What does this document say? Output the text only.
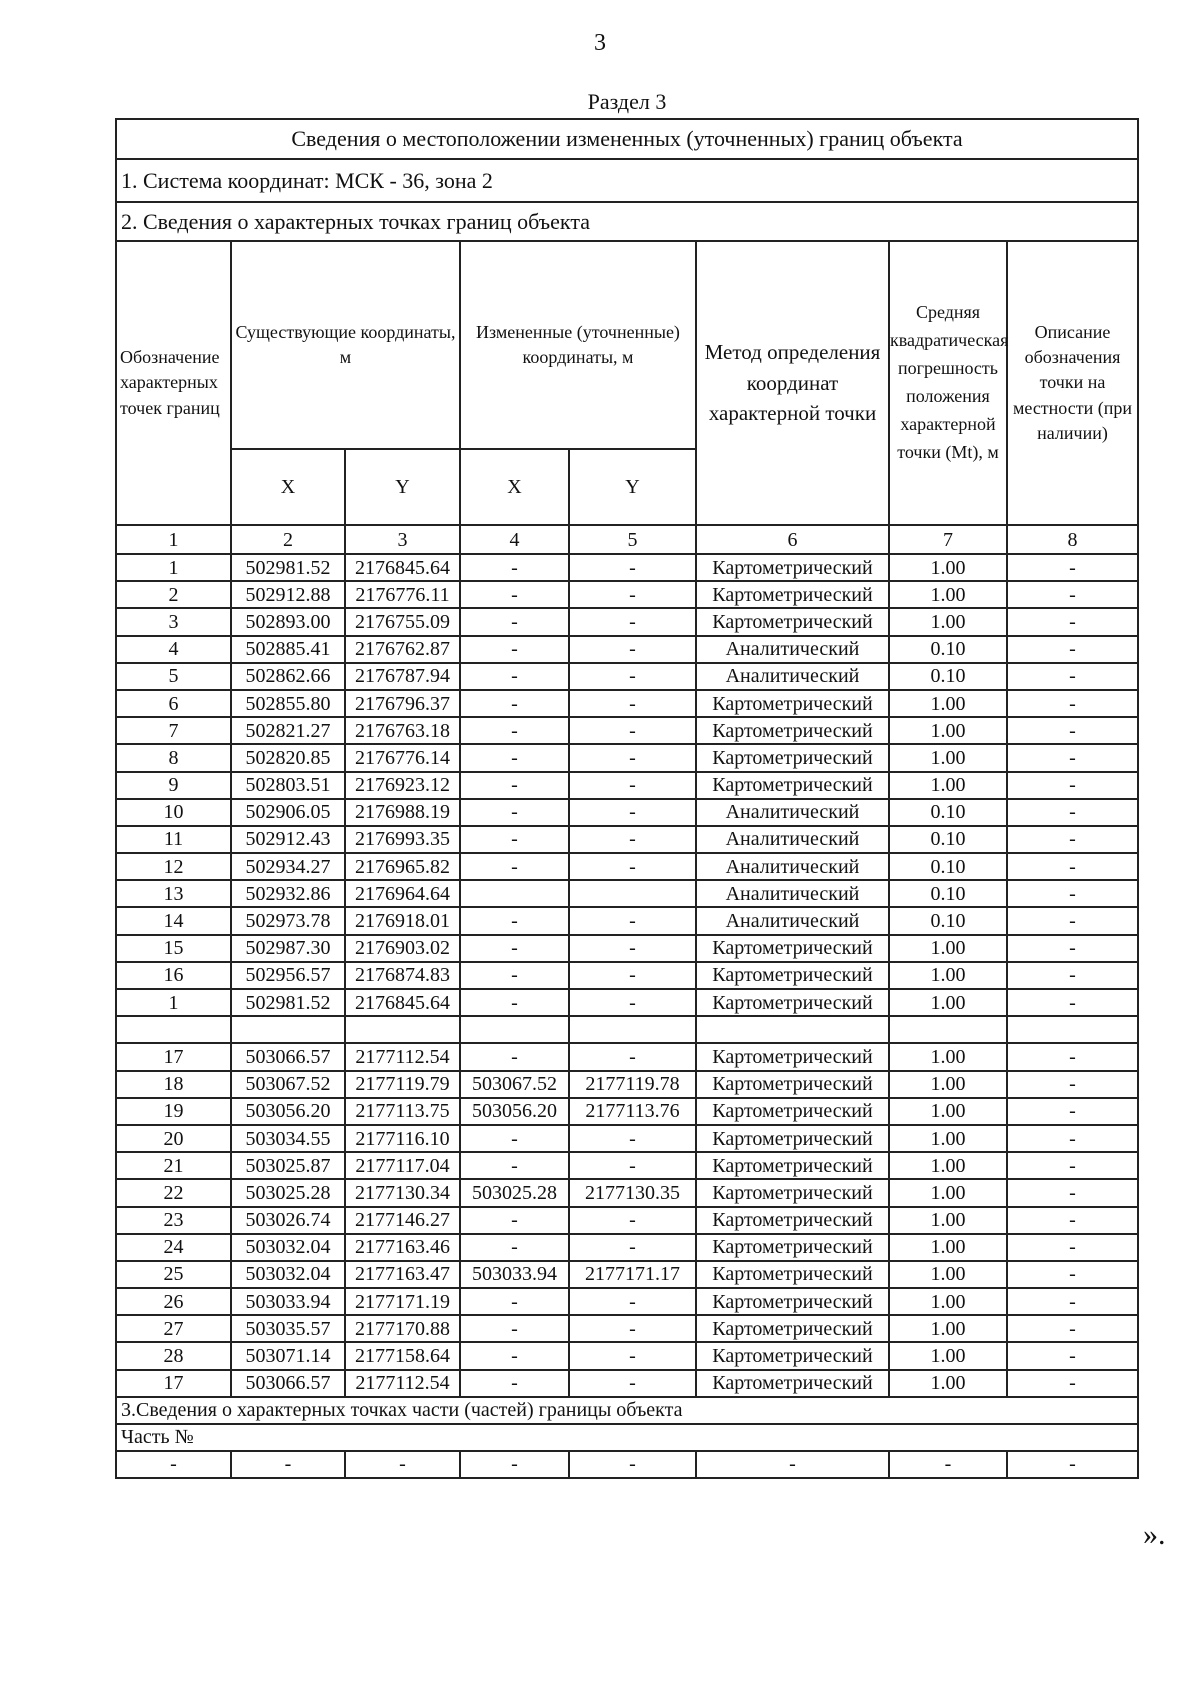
3
Раздел 3
Сведения о местоположении измененных (уточненных) границ объекта							
1. Система координат: МСК - 36, зона 2							
2. Сведения о характерных точках границ объекта							
Обозначение характерных точек границ	Существующие координаты, м		Измененные (уточненные) координаты, м		Метод определения координат характерной точки	Средняя квадратическая погрешность положения характерной точки (Mt), м	Описание обозначения точки на местности (при наличии)
	X	Y	X	Y			
1	2	3	4	5	6	7	8
1	502981.52	2176845.64	-	-	Картометрический	1.00	-
2	502912.88	2176776.11	-	-	Картометрический	1.00	-
3	502893.00	2176755.09	-	-	Картометрический	1.00	-
4	502885.41	2176762.87	-	-	Аналитический	0.10	-
5	502862.66	2176787.94	-	-	Аналитический	0.10	-
6	502855.80	2176796.37	-	-	Картометрический	1.00	-
7	502821.27	2176763.18	-	-	Картометрический	1.00	-
8	502820.85	2176776.14	-	-	Картометрический	1.00	-
9	502803.51	2176923.12	-	-	Картометрический	1.00	-
10	502906.05	2176988.19	-	-	Аналитический	0.10	-
11	502912.43	2176993.35	-	-	Аналитический	0.10	-
12	502934.27	2176965.82	-	-	Аналитический	0.10	-
13	502932.86	2176964.64			Аналитический	0.10	-
14	502973.78	2176918.01	-	-	Аналитический	0.10	-
15	502987.30	2176903.02	-	-	Картометрический	1.00	-
16	502956.57	2176874.83	-	-	Картометрический	1.00	-
1	502981.52	2176845.64	-	-	Картометрический	1.00	-

17	503066.57	2177112.54	-	-	Картометрический	1.00	-
18	503067.52	2177119.79	503067.52	2177119.78	Картометрический	1.00	-
19	503056.20	2177113.75	503056.20	2177113.76	Картометрический	1.00	-
20	503034.55	2177116.10	-	-	Картометрический	1.00	-
21	503025.87	2177117.04	-	-	Картометрический	1.00	-
22	503025.28	2177130.34	503025.28	2177130.35	Картометрический	1.00	-
23	503026.74	2177146.27	-	-	Картометрический	1.00	-
24	503032.04	2177163.46	-	-	Картометрический	1.00	-
25	503032.04	2177163.47	503033.94	2177171.17	Картометрический	1.00	-
26	503033.94	2177171.19	-	-	Картометрический	1.00	-
27	503035.57	2177170.88	-	-	Картометрический	1.00	-
28	503071.14	2177158.64	-	-	Картометрический	1.00	-
17	503066.57	2177112.54	-	-	Картометрический	1.00	-
3.Сведения о характерных точках части (частей) границы объекта							
Часть №							
-	-	-	-	-	-	-	-
».
